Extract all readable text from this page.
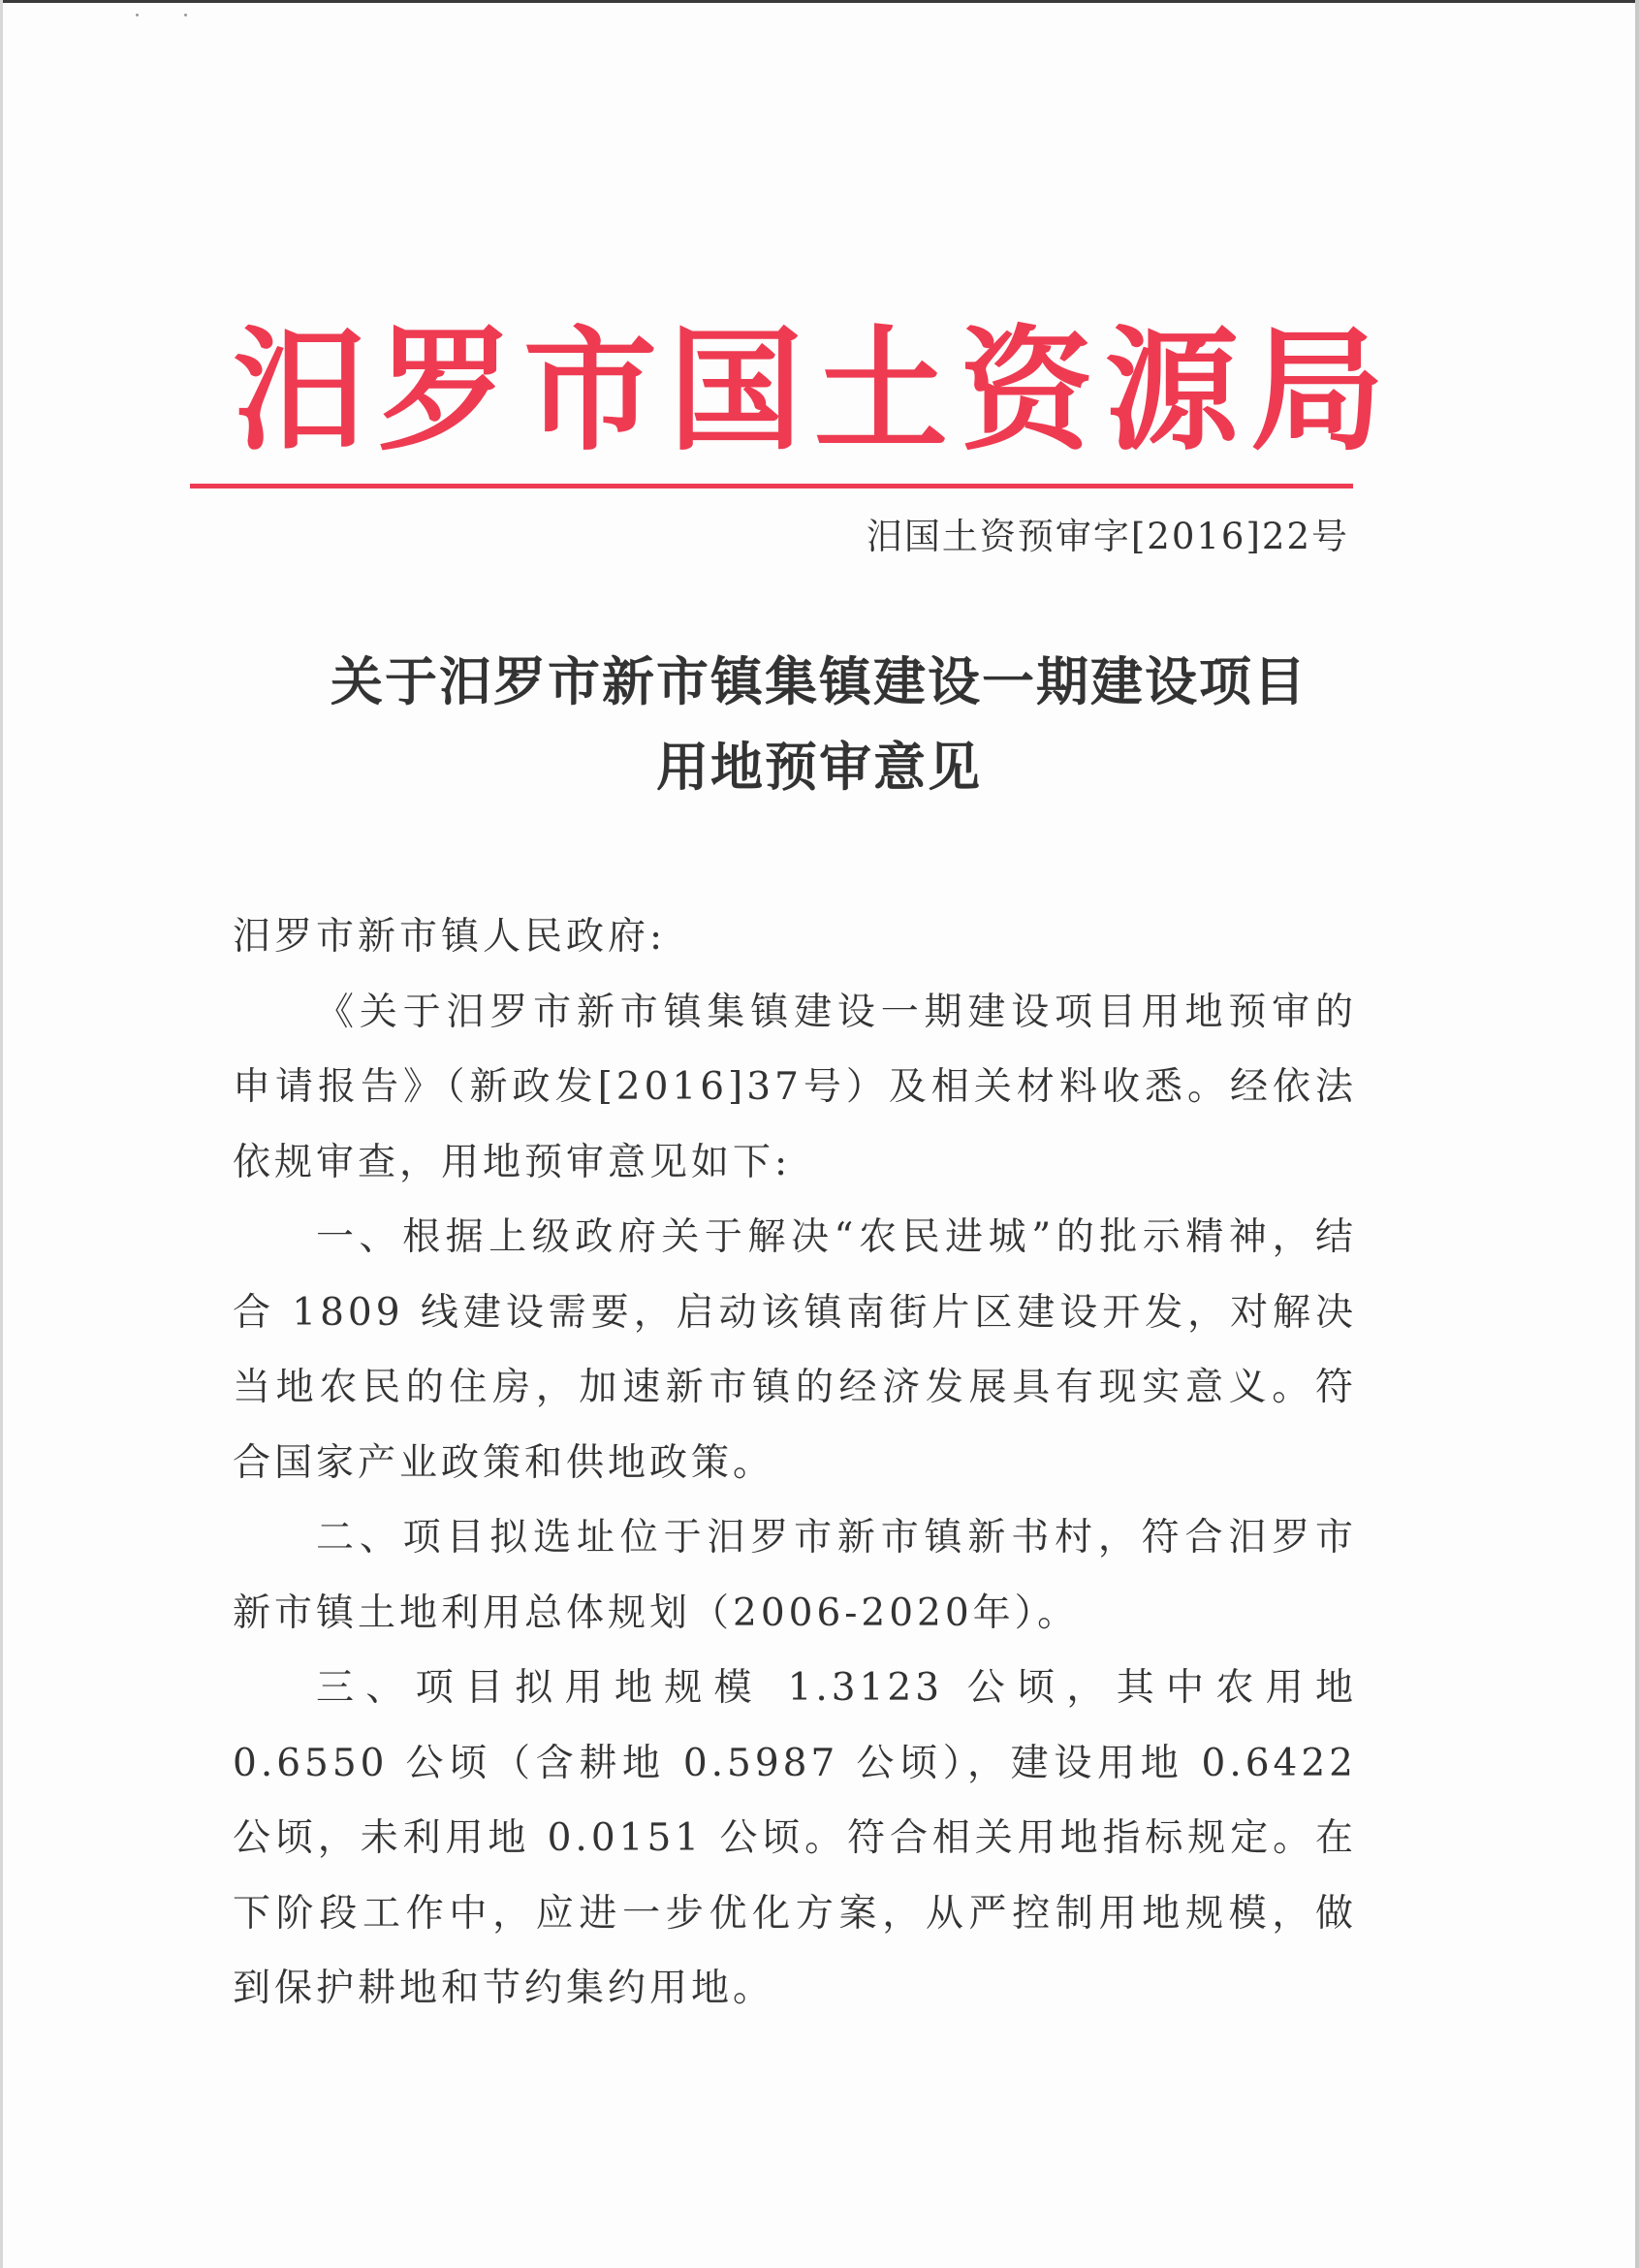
汨罗市国土资源局
汨国土资预审字[2016]22号
关于汨罗市新市镇集镇建设一期建设项目
用地预审意见

汨罗市新市镇人民政府:

《关于汨罗市新市镇集镇建设一期建设项目用地预审的申请报告》（新政发[2016]37号）及相关材料收悉。经依法依规审查，用地预审意见如下:

一、根据上级政府关于解决“农民进城”的批示精神，结合 1809 线建设需要，启动该镇南街片区建设开发，对解决当地农民的住房，加速新市镇的经济发展具有现实意义。符合国家产业政策和供地政策。

二、项目拟选址位于汨罗市新市镇新书村，符合汨罗市新市镇土地利用总体规划（2006-2020年）。

三、项目拟用地规模 1.3123 公顷，其中农用地 0.6550 公顷（含耕地 0.5987 公顷），建设用地 0.6422 公顷，未利用地 0.0151 公顷。符合相关用地指标规定。在下阶段工作中，应进一步优化方案，从严控制用地规模，做到保护耕地和节约集约用地。
